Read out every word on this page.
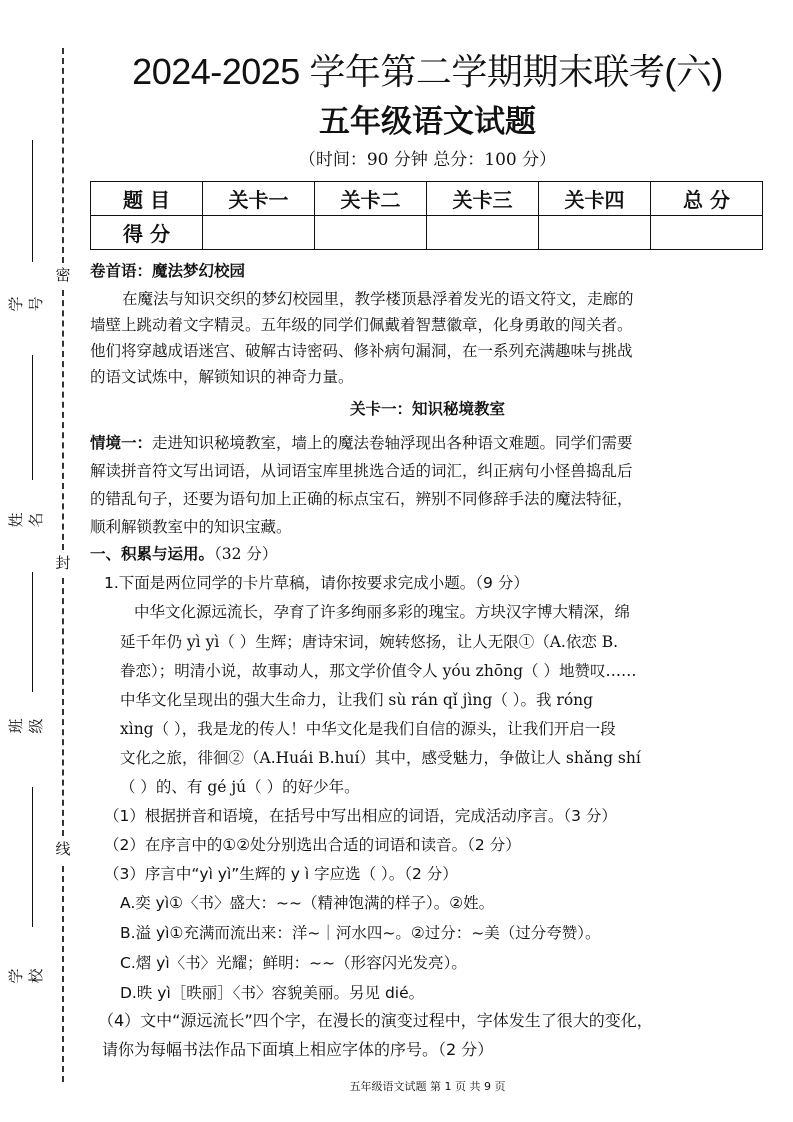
密
封
线
学号
姓名
班级
学校
2024-2025 学年第二学期期末联考(六)
五年级语文试题
（时间：90 分钟 总分：100 分）
题 目	关卡一	关卡二	关卡三	关卡四	总 分
得 分					
卷首语：魔法梦幻校园
在魔法与知识交织的梦幻校园里，教学楼顶悬浮着发光的语文符文，走廊的
墙壁上跳动着文字精灵。五年级的同学们佩戴着智慧徽章，化身勇敢的闯关者。
他们将穿越成语迷宫、破解古诗密码、修补病句漏洞，在一系列充满趣味与挑战
的语文试炼中，解锁知识的神奇力量。
关卡一：知识秘境教室
情境一：走进知识秘境教室，墙上的魔法卷轴浮现出各种语文难题。同学们需要
解读拼音符文写出词语，从词语宝库里挑选合适的词汇，纠正病句小怪兽捣乱后
的错乱句子，还要为语句加上正确的标点宝石，辨别不同修辞手法的魔法特征，
顺利解锁教室中的知识宝藏。
一、积累与运用。（32 分）
1.下面是两位同学的卡片草稿，请你按要求完成小题。（9 分）
中华文化源远流长，孕育了许多绚丽多彩的瑰宝。方块汉字博大精深，绵
延千年仍 yì yì（ ）生辉；唐诗宋词，婉转悠扬，让人无限①（A.依恋 B.
眷恋）；明清小说，故事动人，那文学价值令人 yóu zhōng（ ）地赞叹……
中华文化呈现出的强大生命力，让我们 sù rán qǐ jìng（ ）。我 róng
xìng（ ），我是龙的传人！中华文化是我们自信的源头，让我们开启一段
文化之旅，徘徊②（A.Huái B.huí）其中，感受魅力，争做让人 shǎng shí
（ ）的、有 gé jú（ ）的好少年。
（1）根据拼音和语境，在括号中写出相应的词语，完成活动序言。（3 分）
（2）在序言中的①②处分别选出合适的词语和读音。（2 分）
（3）序言中“yì yì”生辉的 y ì 字应选（ ）。（2 分）
A.奕 yì①〈书〉盛大：~~（精神饱满的样子）。②姓。
B.溢 yì①充满而流出来：洋~｜河水四~。②过分：~美（过分夸赞）。
C.熠 yì〈书〉光耀；鲜明：~~（形容闪光发亮）。
D.昳 yì［昳丽］〈书〉容貌美丽。另见 dié。
（4）文中“源远流长”四个字，在漫长的演变过程中，字体发生了很大的变化，
请你为每幅书法作品下面填上相应字体的序号。（2 分）
五年级语文试题 第 1 页 共 9 页
